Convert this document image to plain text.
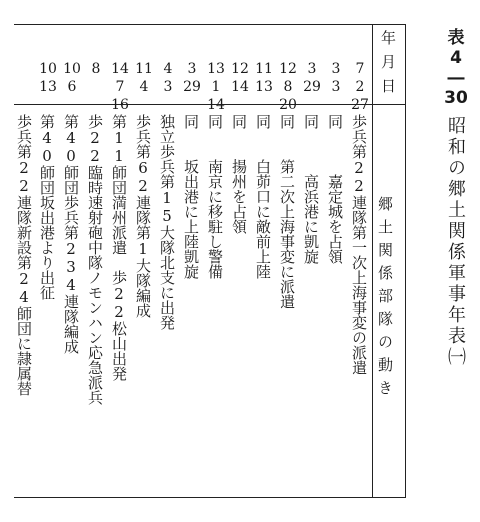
表
4
―
30
昭和の郷土関係軍事年表㈠
年
月
日
郷土関係部隊の動き
7
2
27
3
3
3
29
12
8
20
11
13
12
14
13
1
14
3
29
4
3
11
4
14
7
16
8
10
6
10
13
歩兵第22連隊第一次上海事変の派遣
同　　　嘉定城を占領
同　　　高浜港に凱旋
同　　第二次上海事変に派遣
同　　白茆口に敵前上陸
同　　揚州を占領
同　　南京に移駐し警備
同　　坂出港に上陸凱旋
独立歩兵第15大隊北支に出発
歩兵第62連隊第1大隊編成
第11師団満州派遣　歩22松山出発
歩22臨時速射砲中隊ノモンハン応急派兵
第40師団歩兵第234連隊編成
第40師団坂出港より出征
歩兵第22連隊新設第24師団に隷属替
